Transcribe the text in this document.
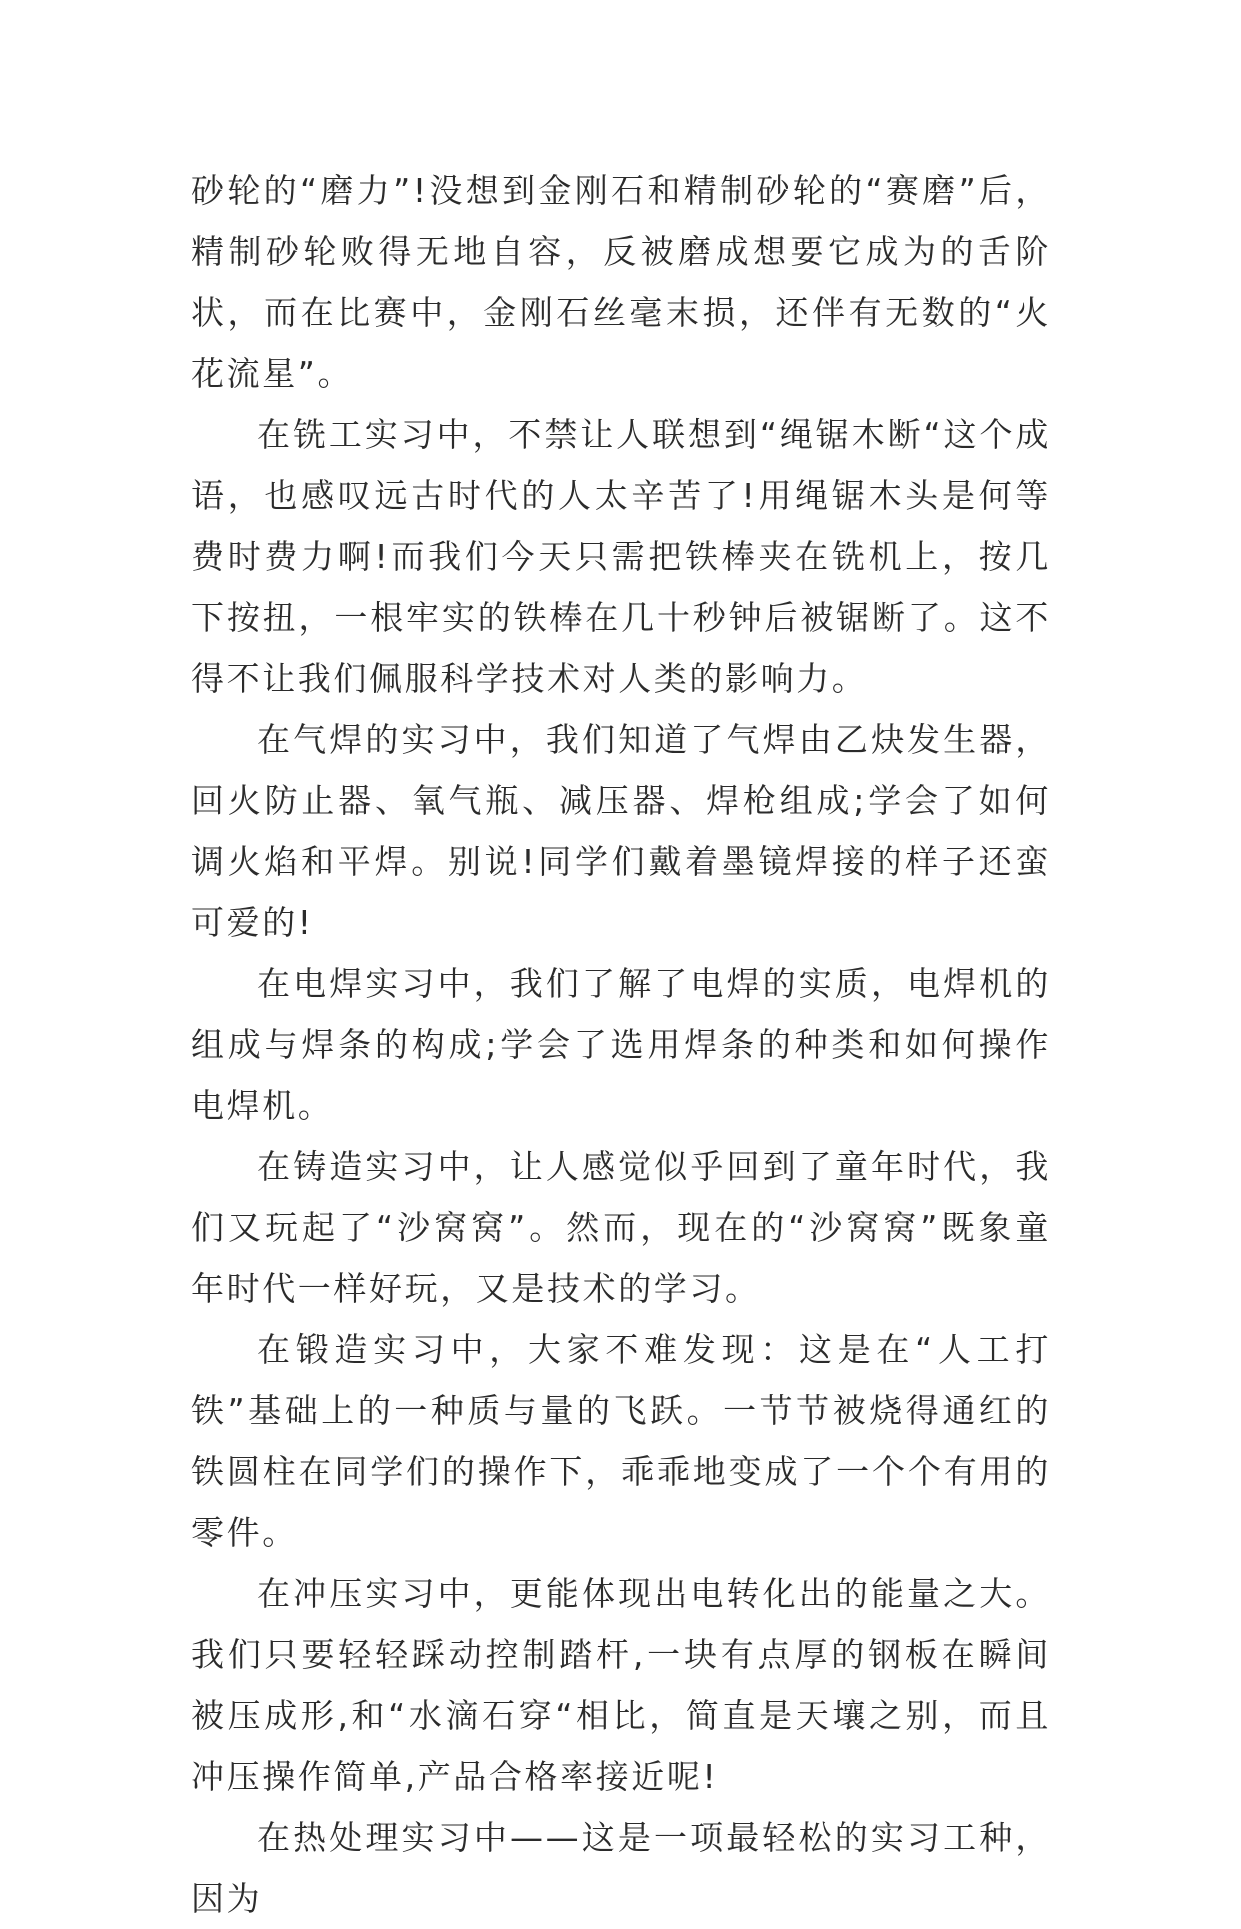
砂轮的“磨力”!没想到金刚石和精制砂轮的“赛磨”后，精制砂轮败得无地自容，反被磨成想要它成为的舌阶状，而在比赛中，金刚石丝毫末损，还伴有无数的“火花流星”。

在铣工实习中，不禁让人联想到“绳锯木断“这个成语，也感叹远古时代的人太辛苦了!用绳锯木头是何等费时费力啊!而我们今天只需把铁棒夹在铣机上，按几下按扭，一根牢实的铁棒在几十秒钟后被锯断了。这不得不让我们佩服科学技术对人类的影响力。

在气焊的实习中，我们知道了气焊由乙炔发生器，回火防止器、氧气瓶、减压器、焊枪组成;学会了如何调火焰和平焊。别说!同学们戴着墨镜焊接的样子还蛮可爱的!

在电焊实习中，我们了解了电焊的实质，电焊机的组成与焊条的构成;学会了选用焊条的种类和如何操作电焊机。

在铸造实习中，让人感觉似乎回到了童年时代，我们又玩起了“沙窝窝”。然而，现在的“沙窝窝”既象童年时代一样好玩，又是技术的学习。

在锻造实习中，大家不难发现：这是在“人工打铁”基础上的一种质与量的飞跃。一节节被烧得通红的铁圆柱在同学们的操作下，乖乖地变成了一个个有用的零件。

在冲压实习中，更能体现出电转化出的能量之大。我们只要轻轻踩动控制踏杆,一块有点厚的钢板在瞬间被压成形,和“水滴石穿“相比，简直是天壤之别，而且冲压操作简单,产品合格率接近呢!

在热处理实习中——这是一项最轻松的实习工种，因为
